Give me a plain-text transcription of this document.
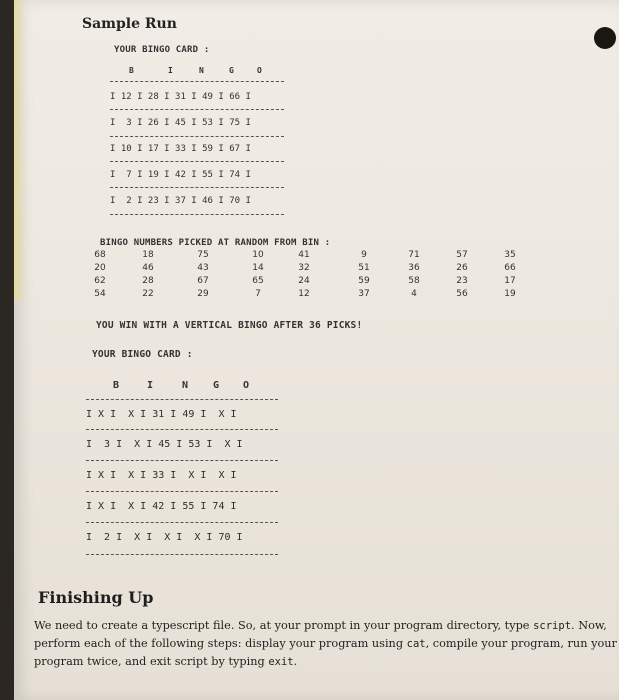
Sample Run
YOUR BINGO CARD :
B	I	N	G	O
I 12 I 28 I 31 I 49 I 66 I
I  3 I 26 I 45 I 53 I 75 I
I 10 I 17 I 33 I 59 I 67 I
I  7 I 19 I 42 I 55 I 74 I
I  2 I 23 I 37 I 46 I 70 I
BINGO NUMBERS PICKED AT RANDOM FROM BIN :
68	18	75	10	41	9	71	57	35
20	46	43	14	32	51	36	26	66
62	28	67	65	24	59	58	23	17
54	22	29	7	12	37	4	56	19
YOU WIN WITH A VERTICAL BINGO AFTER 36 PICKS!
YOUR BINGO CARD :
B	I	N G O
I X I  X I 31 I 49 I  X I
I  3 I  X I 45 I 53 I  X I
I X I  X I 33 I  X I  X I
I X I  X I 42 I 55 I 74 I
I  2 I  X I  X I  X I 70 I
Finishing Up
We need to create a typescript file. So, at your prompt in your program directory, type script. Now, perform each of the following steps: display your program using cat, compile your program, run your program twice, and exit script by typing exit.
